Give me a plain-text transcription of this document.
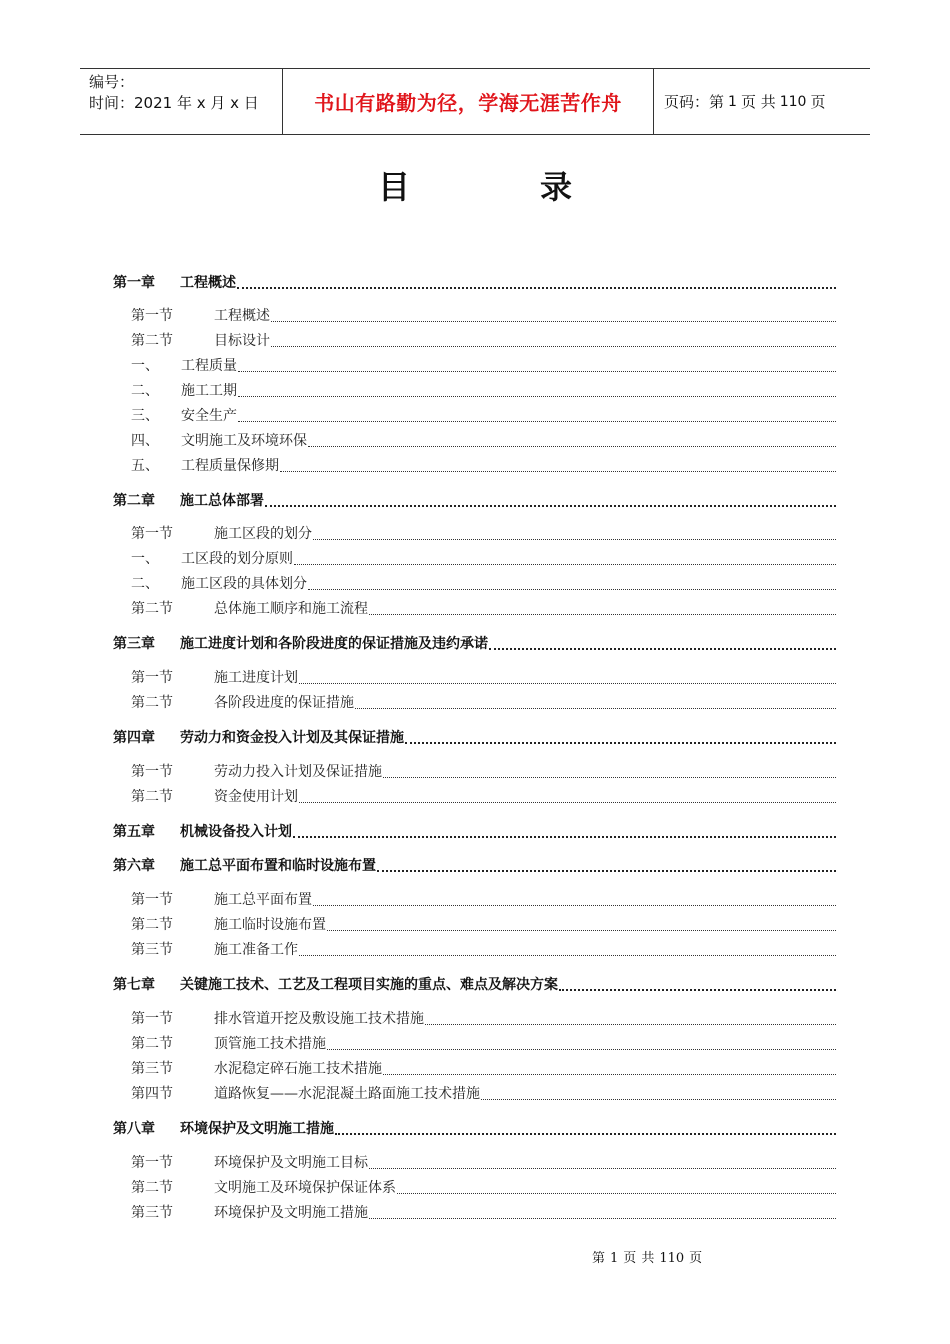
编号：
时间：2021 年 x 月 x 日	书山有路勤为径，学海无涯苦作舟	页码：第 1 页 共 110 页
目	录
第一章	工程概述
第一节	工程概述
第二节	目标设计
一、	工程质量
二、	施工工期
三、	安全生产
四、	文明施工及环境环保
五、	工程质量保修期
第二章	施工总体部署
第一节	施工区段的划分
一、	工区段的划分原则
二、	施工区段的具体划分
第二节	总体施工顺序和施工流程
第三章	施工进度计划和各阶段进度的保证措施及违约承诺
第一节	施工进度计划
第二节	各阶段进度的保证措施
第四章	劳动力和资金投入计划及其保证措施
第一节	劳动力投入计划及保证措施
第二节	资金使用计划
第五章	机械设备投入计划
第六章	施工总平面布置和临时设施布置
第一节	施工总平面布置
第二节	施工临时设施布置
第三节	施工准备工作
第七章	关键施工技术、工艺及工程项目实施的重点、难点及解决方案
第一节	排水管道开挖及敷设施工技术措施
第二节	顶管施工技术措施
第三节	水泥稳定碎石施工技术措施
第四节	道路恢复——水泥混凝土路面施工技术措施
第八章	环境保护及文明施工措施
第一节	环境保护及文明施工目标
第二节	文明施工及环境保护保证体系
第三节	环境保护及文明施工措施
第 1 页 共 110 页
